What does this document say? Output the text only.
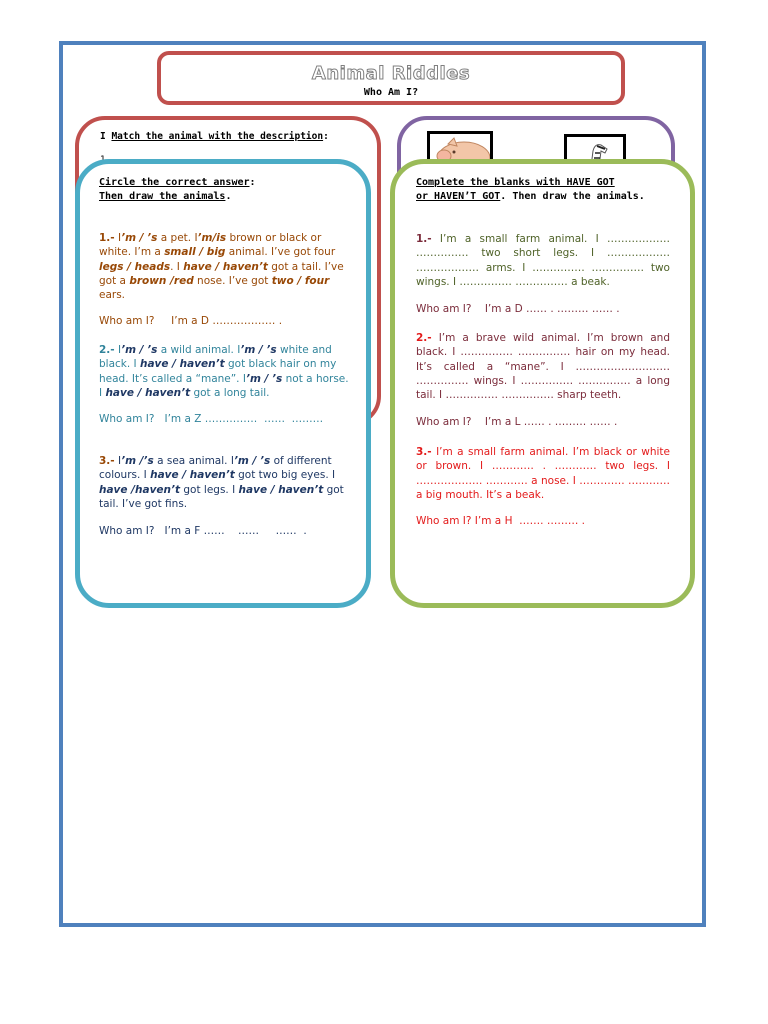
Animal Riddles
Who Am I?
I Match the animal with the description:
Circle the correct answer:
Then draw the animals.
1.- I’m / ’s a pet. I’m/is brown or black or white. I’m a small / big animal. I’ve got four legs / heads. I have / haven’t got a tail. I’ve got a brown /red nose. I’ve got two / four ears.
Who am I?     I’m a D ……………… .
2.- I’m / ’s a wild animal. I’m / ’s white and black. I have / haven’t got black hair on my head. It’s called a “mane”. I’m / ’s not a horse. I have / haven’t got a long tail.
Who am I?   I’m a Z ……………  ……  ………
3.- I’m /’s a sea animal. I’m / ’s of different colours. I have / haven’t got two big eyes. I have /haven’t got legs. I have / haven’t got tail. I’ve got fins.
Who am I?   I’m a F ……    ……     ……  .
Complete the blanks with HAVE GOT
or HAVEN’T GOT. Then draw the animals.
1.- I’m a small farm animal. I ……………… …………… two short legs. I ……………… ……………… arms. I …………… …………… two wings. I …………… …………… a beak.
Who am I?    I’m a D …… . ……… …… .
2.- I’m a brave wild animal. I’m brown and black. I …………… …………… hair on my head. It’s called a “mane”. I ……………………… …………… wings. I …………… …………… a long tail. I …………… …………… sharp teeth.
Who am I?    I’m a L …… . ……… …… .
3.- I’m a small farm animal. I’m black or white or brown. I ………… . ………… two legs. I ………………. ………… a nose. I …………. ………… a big mouth. It’s a beak.
Who am I? I’m a H  ……. ……… .
